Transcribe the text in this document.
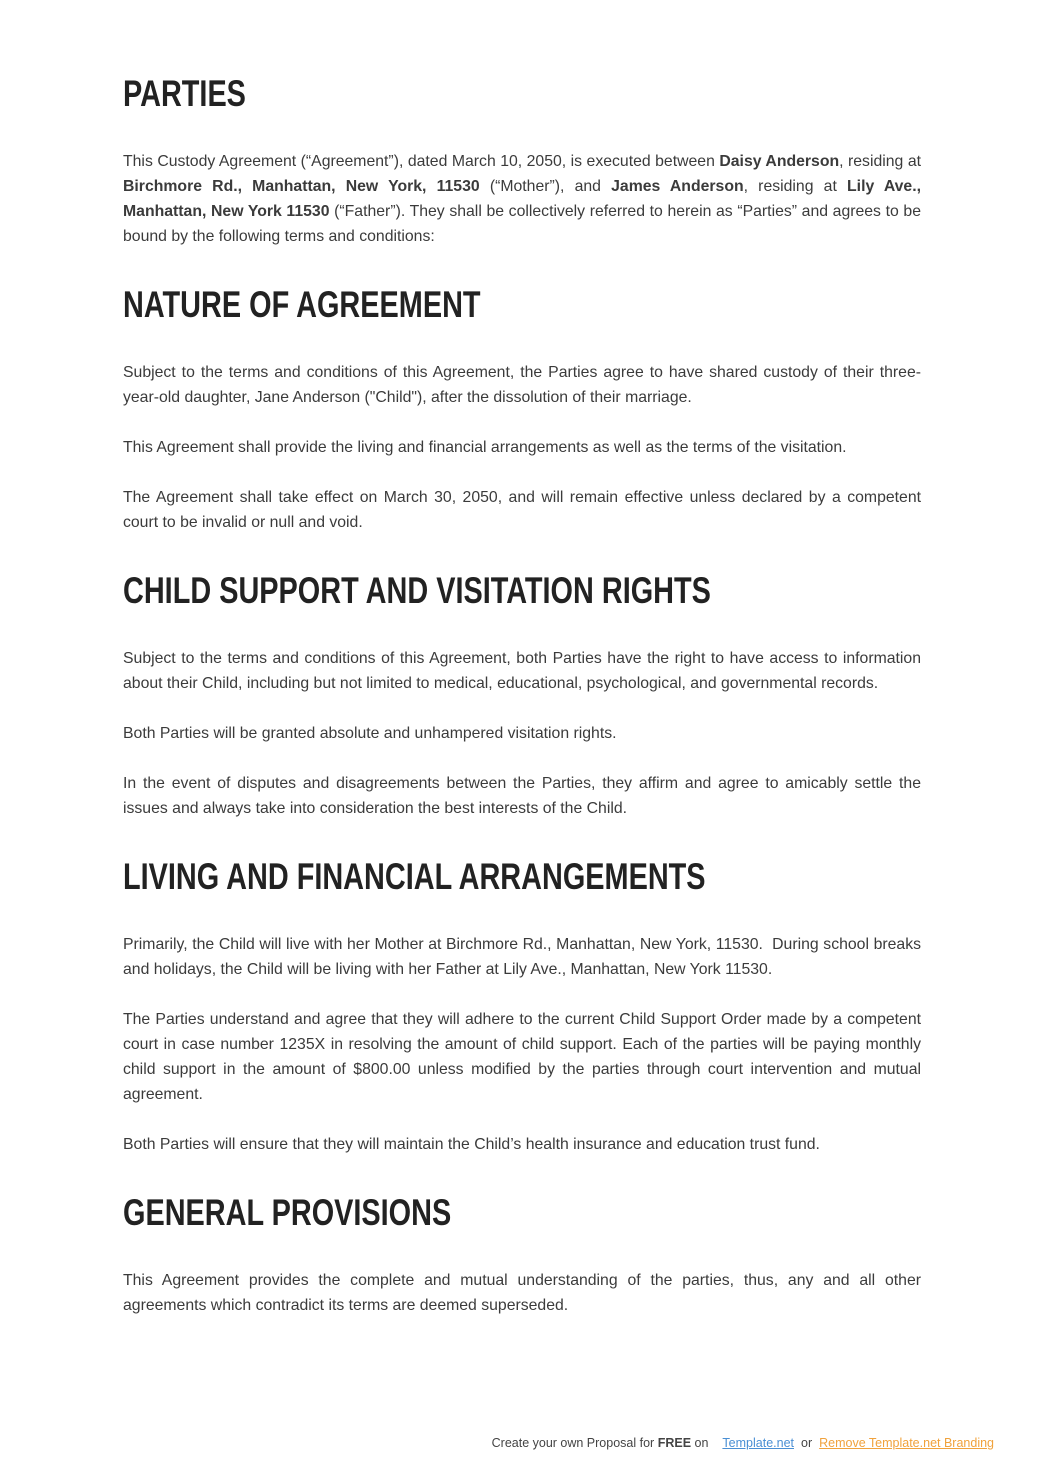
PARTIES

This Custody Agreement (“Agreement”), dated March 10, 2050, is executed between Daisy Anderson, residing at Birchmore Rd., Manhattan, New York, 11530 (“Mother”), and James Anderson, residing at Lily Ave., Manhattan, New York 11530 (“Father”). They shall be collectively referred to herein as “Parties” and agrees to be bound by the following terms and conditions:

NATURE OF AGREEMENT

Subject to the terms and conditions of this Agreement, the Parties agree to have shared custody of their three-year-old daughter, Jane Anderson ("Child"), after the dissolution of their marriage.

This Agreement shall provide the living and financial arrangements as well as the terms of the visitation.

The Agreement shall take effect on March 30, 2050, and will remain effective unless declared by a competent court to be invalid or null and void.

CHILD SUPPORT AND VISITATION RIGHTS

Subject to the terms and conditions of this Agreement, both Parties have the right to have access to information about their Child, including but not limited to medical, educational, psychological, and governmental records.

Both Parties will be granted absolute and unhampered visitation rights.

In the event of disputes and disagreements between the Parties, they affirm and agree to amicably settle the issues and always take into consideration the best interests of the Child.

LIVING AND FINANCIAL ARRANGEMENTS

Primarily, the Child will live with her Mother at Birchmore Rd., Manhattan, New York, 11530.  During school breaks and holidays, the Child will be living with her Father at Lily Ave., Manhattan, New York 11530.

The Parties understand and agree that they will adhere to the current Child Support Order made by a competent court in case number 1235X in resolving the amount of child support. Each of the parties will be paying monthly child support in the amount of $800.00 unless modified by the parties through court intervention and mutual agreement.

Both Parties will ensure that they will maintain the Child’s health insurance and education trust fund.

GENERAL PROVISIONS

This Agreement provides the complete and mutual understanding of the parties, thus, any and all other agreements which contradict its terms are deemed superseded.

Create your own Proposal for FREE on Template.net or Remove Template.net Branding
